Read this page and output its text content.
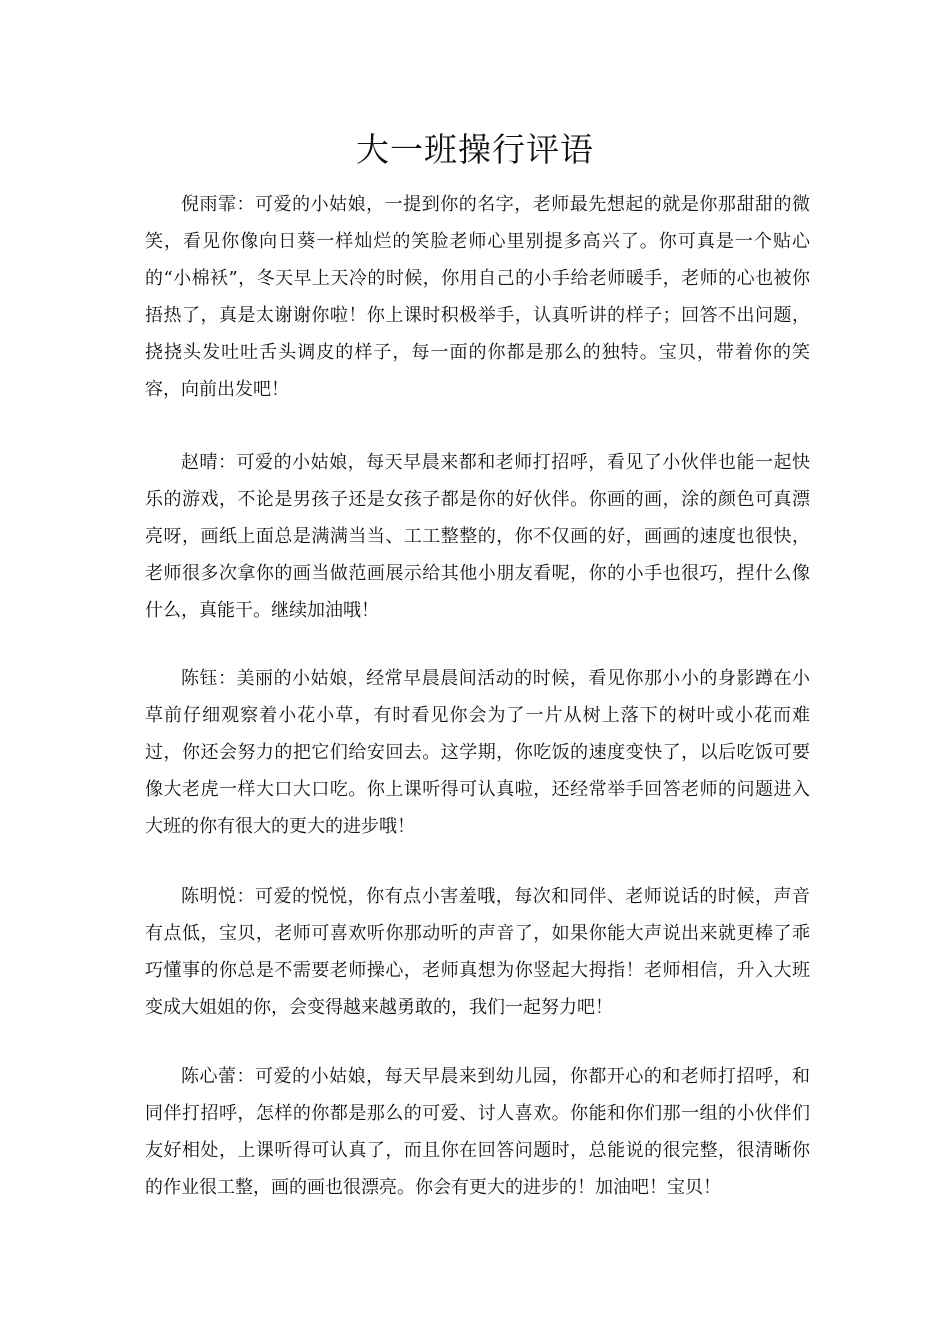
大一班操行评语

倪雨霏：可爱的小姑娘，一提到你的名字，老师最先想起的就是你那甜甜的微笑，看见你像向日葵一样灿烂的笑脸老师心里别提多高兴了。你可真是一个贴心的“小棉袄”，冬天早上天冷的时候，你用自己的小手给老师暖手，老师的心也被你捂热了，真是太谢谢你啦！你上课时积极举手，认真听讲的样子；回答不出问题，挠挠头发吐吐舌头调皮的样子，每一面的你都是那么的独特。宝贝，带着你的笑容，向前出发吧！

赵晴：可爱的小姑娘，每天早晨来都和老师打招呼，看见了小伙伴也能一起快乐的游戏，不论是男孩子还是女孩子都是你的好伙伴。你画的画，涂的颜色可真漂亮呀，画纸上面总是满满当当、工工整整的，你不仅画的好，画画的速度也很快，老师很多次拿你的画当做范画展示给其他小朋友看呢，你的小手也很巧，捏什么像什么，真能干。继续加油哦！

陈钰：美丽的小姑娘，经常早晨晨间活动的时候，看见你那小小的身影蹲在小草前仔细观察着小花小草，有时看见你会为了一片从树上落下的树叶或小花而难过，你还会努力的把它们给安回去。这学期，你吃饭的速度变快了，以后吃饭可要像大老虎一样大口大口吃。你上课听得可认真啦，还经常举手回答老师的问题进入大班的你有很大的更大的进步哦！

陈明悦：可爱的悦悦，你有点小害羞哦，每次和同伴、老师说话的时候，声音有点低，宝贝，老师可喜欢听你那动听的声音了，如果你能大声说出来就更棒了乖巧懂事的你总是不需要老师操心，老师真想为你竖起大拇指！老师相信，升入大班变成大姐姐的你，会变得越来越勇敢的，我们一起努力吧！

陈心蕾：可爱的小姑娘，每天早晨来到幼儿园，你都开心的和老师打招呼，和同伴打招呼，怎样的你都是那么的可爱、讨人喜欢。你能和你们那一组的小伙伴们友好相处，上课听得可认真了，而且你在回答问题时，总能说的很完整，很清晰你的作业很工整，画的画也很漂亮。你会有更大的进步的！加油吧！宝贝！
